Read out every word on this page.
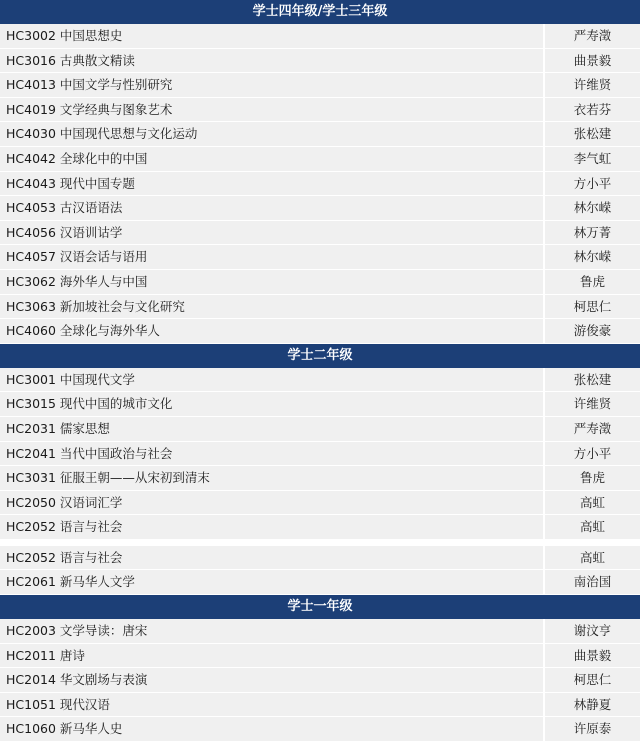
学士四年级/学士三年级
HC3002 中国思想史	严寿澂
HC3016 古典散文精读	曲景毅
HC4013 中国文学与性别研究	许维贤
HC4019 文学经典与图象艺术	衣若芬
HC4030 中国现代思想与文化运动	张松建
HC4042 全球化中的中国	李气虹
HC4043 现代中国专题	方小平
HC4053 古汉语语法	林尔嵘
HC4056 汉语训诂学	林万菁
HC4057 汉语会话与语用	林尔嵘
HC3062 海外华人与中国	鲁虎
HC3063 新加坡社会与文化研究	柯思仁
HC4060 全球化与海外华人	游俊豪
学士二年级
HC3001 中国现代文学	张松建
HC3015 现代中国的城市文化	许维贤
HC2031 儒家思想	严寿澂
HC2041 当代中国政治与社会	方小平
HC3031 征服王朝——从宋初到清末	鲁虎
HC2050 汉语词汇学	高虹
HC2052 语言与社会	高虹
HC2052 语言与社会	高虹
HC2061 新马华人文学	南治国
学士一年级
HC2003 文学导读：唐宋	谢汶亨
HC2011 唐诗	曲景毅
HC2014 华文剧场与表演	柯思仁
HC1051 现代汉语	林静夏
HC1060 新马华人史	许原泰
